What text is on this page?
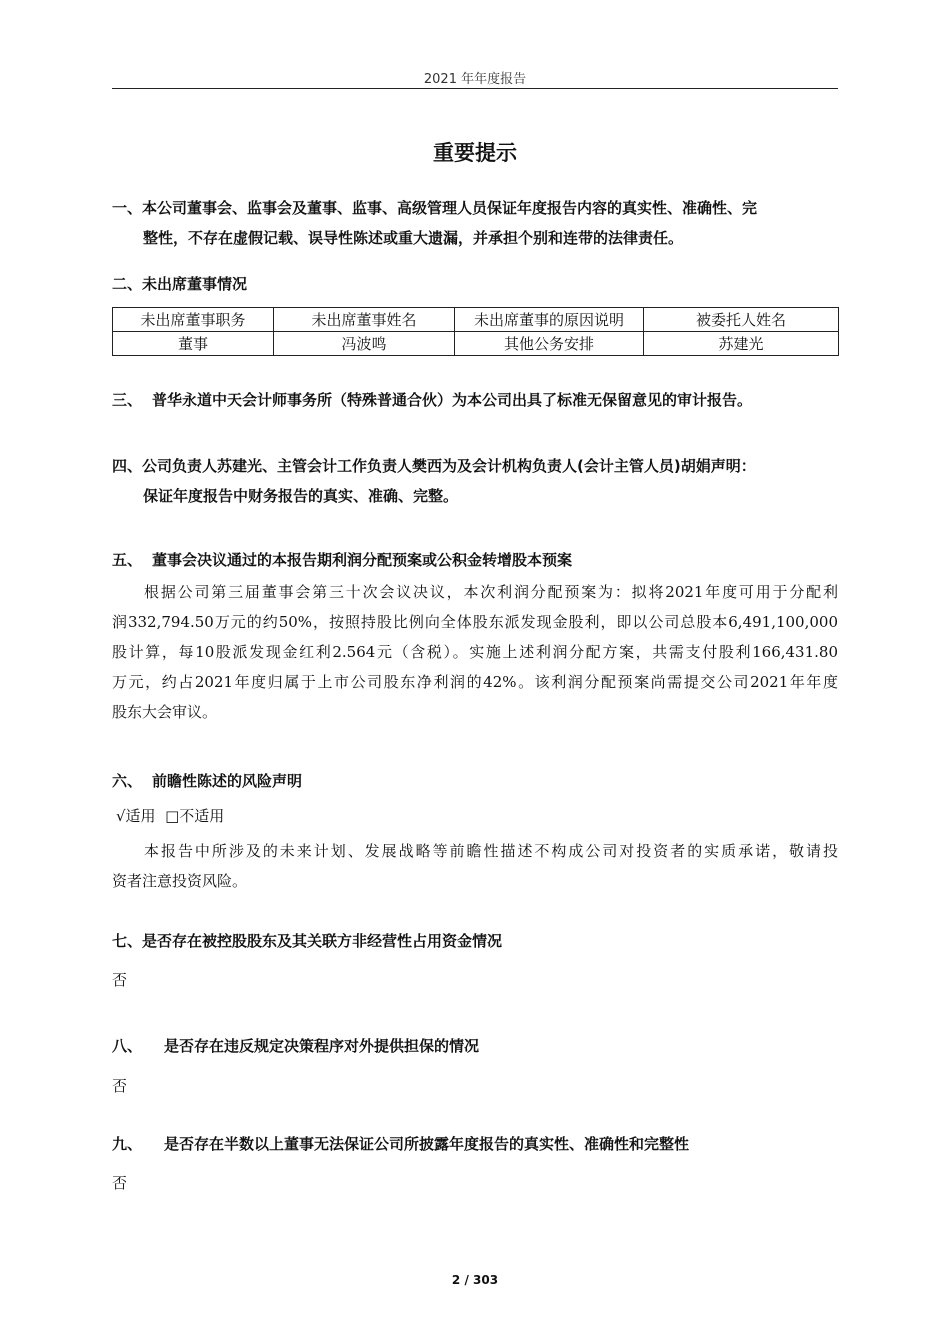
2021 年年度报告
重要提示
一、本公司董事会、监事会及董事、监事、高级管理人员保证年度报告内容的真实性、准确性、完
整性，不存在虚假记载、误导性陈述或重大遗漏，并承担个别和连带的法律责任。
二、未出席董事情况
未出席董事职务	未出席董事姓名	未出席董事的原因说明	被委托人姓名
董事	冯波鸣	其他公务安排	苏建光
三、 普华永道中天会计师事务所（特殊普通合伙）为本公司出具了标准无保留意见的审计报告。
四、公司负责人苏建光、主管会计工作负责人樊西为及会计机构负责人(会计主管人员)胡娟声明：
保证年度报告中财务报告的真实、准确、完整。
五、 董事会决议通过的本报告期利润分配预案或公积金转增股本预案
根据公司第三届董事会第三十次会议决议，本次利润分配预案为：拟将2021年度可用于分配利
润332,794.50万元的约50%，按照持股比例向全体股东派发现金股利，即以公司总股本6,491,100,000
股计算，每10股派发现金红利2.564元（含税）。实施上述利润分配方案，共需支付股利166,431.80
万元，约占2021年度归属于上市公司股东净利润的42%。该利润分配预案尚需提交公司2021年年度
股东大会审议。
六、 前瞻性陈述的风险声明
√适用 □不适用
本报告中所涉及的未来计划、发展战略等前瞻性描述不构成公司对投资者的实质承诺，敬请投
资者注意投资风险。
七、是否存在被控股股东及其关联方非经营性占用资金情况
否
八、 是否存在违反规定决策程序对外提供担保的情况
否
九、 是否存在半数以上董事无法保证公司所披露年度报告的真实性、准确性和完整性
否
2 / 303
